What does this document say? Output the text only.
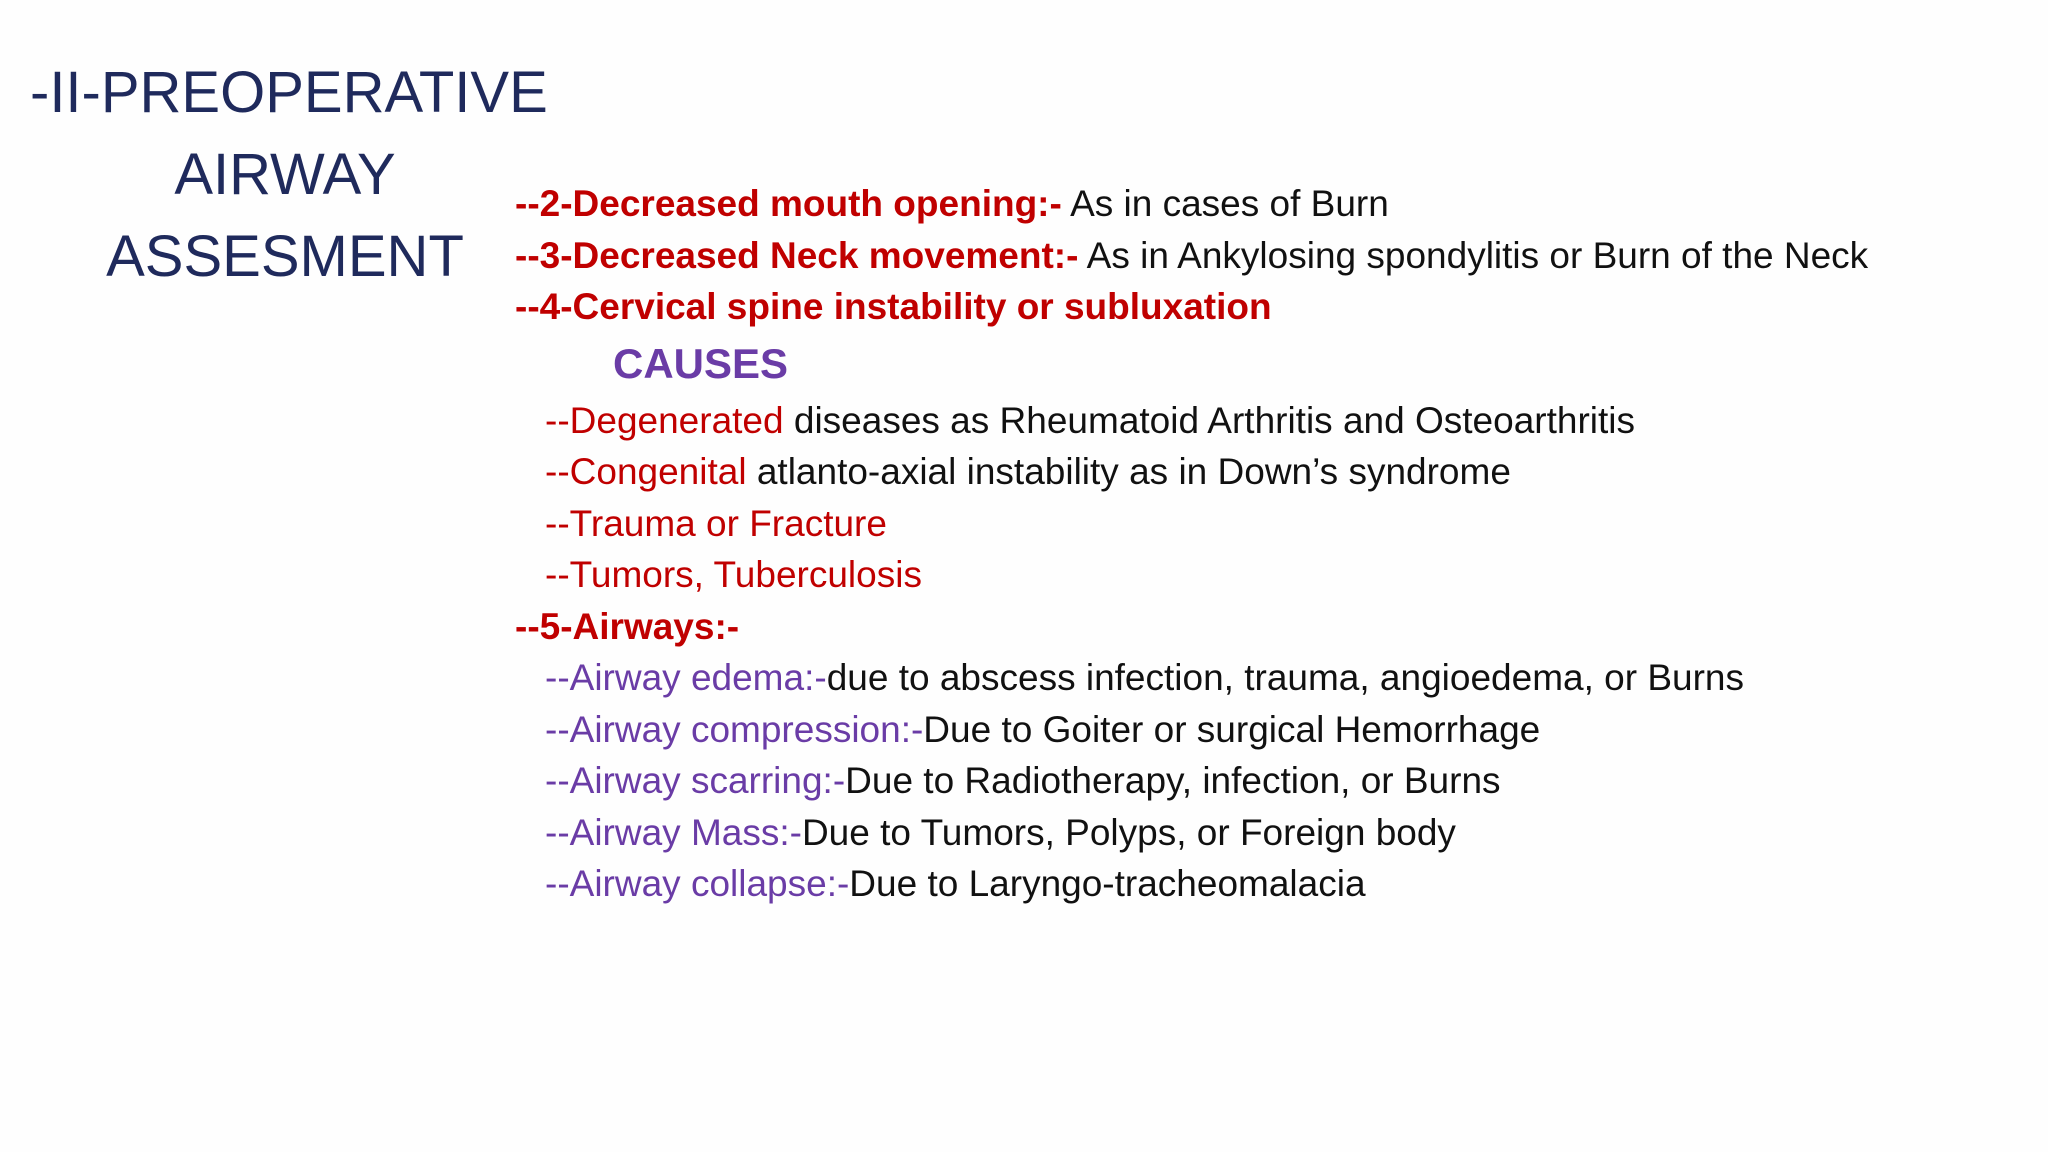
-II-PREOPERATIVE
AIRWAY
ASSESMENT
--2-Decreased mouth opening:- As in cases of Burn
--3-Decreased Neck movement:- As in Ankylosing spondylitis or Burn of the Neck
--4-Cervical spine instability or subluxation
CAUSES
--Degenerated diseases as Rheumatoid Arthritis and Osteoarthritis
--Congenital atlanto-axial instability as in Down’s syndrome
--Trauma or Fracture
--Tumors, Tuberculosis
--5-Airways:-
--Airway edema:-due to abscess infection, trauma, angioedema, or Burns
--Airway compression:-Due to Goiter or surgical Hemorrhage
--Airway scarring:-Due to Radiotherapy, infection, or Burns
--Airway Mass:-Due to Tumors, Polyps, or Foreign body
--Airway collapse:-Due to Laryngo-tracheomalacia
